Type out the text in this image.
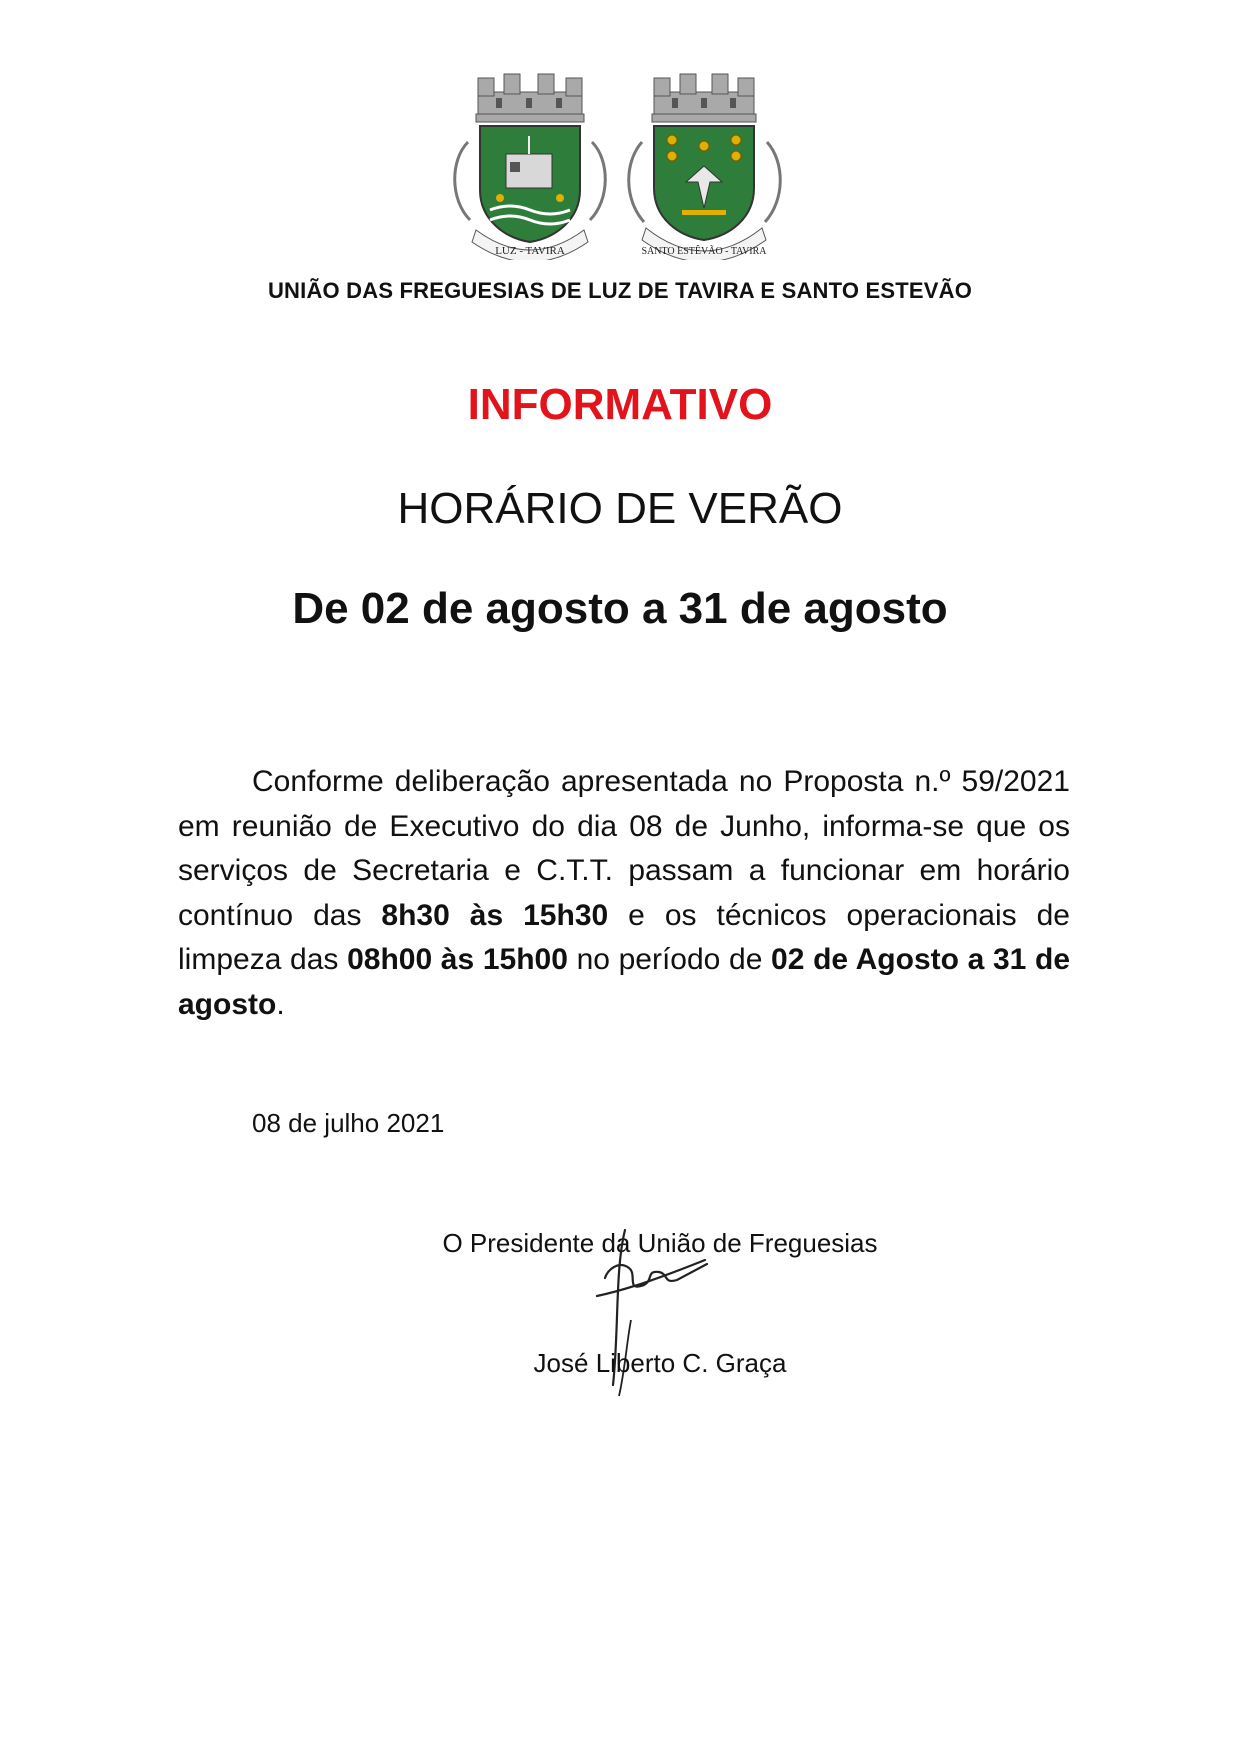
LUZ - TAVIRA	SANTO ESTÊVÃO - TAVIRA
UNIÃO DAS FREGUESIAS DE LUZ DE TAVIRA E SANTO ESTEVÃO
INFORMATIVO
HORÁRIO DE VERÃO
De 02 de agosto a 31 de agosto
Conforme deliberação apresentada no Proposta n.º 59/2021 em reunião de Executivo do dia 08 de Junho, informa-se que os serviços de Secretaria e C.T.T. passam a funcionar em horário contínuo das 8h30 às 15h30 e os técnicos operacionais de limpeza das 08h00 às 15h00 no período de 02 de Agosto a 31 de agosto.
08 de julho 2021
O Presidente da União de Freguesias
José Liberto C. Graça
